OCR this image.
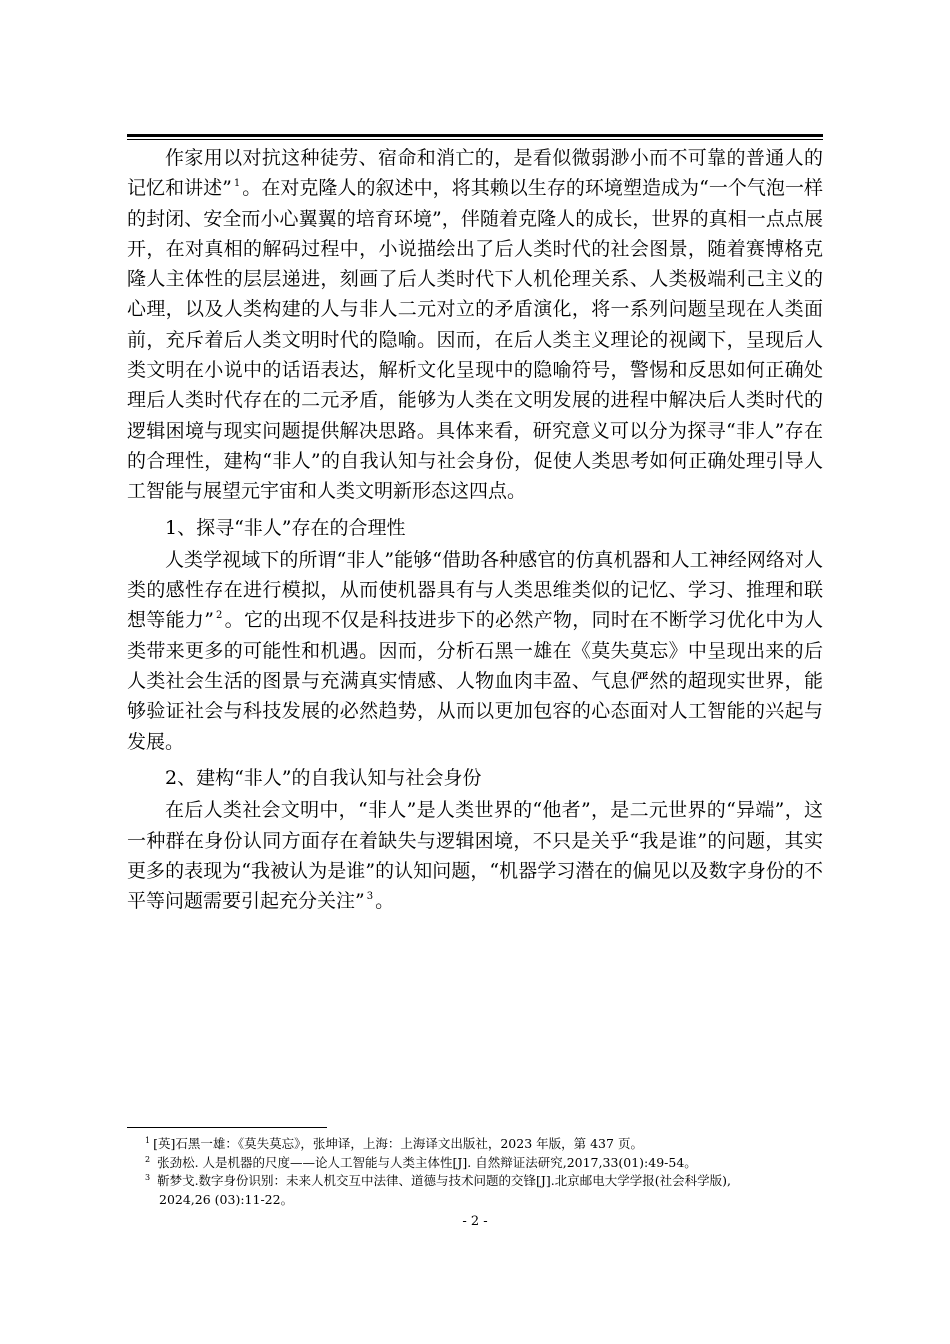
作家用以对抗这种徒劳、宿命和消亡的，是看似微弱渺小而不可靠的普通人的记忆和讲述” $^1$ 。在对克隆人的叙述中，将其赖以生存的环境塑造成为“一个气泡一样的封闭、安全而小心翼翼的培育环境”，伴随着克隆人的成长，世界的真相一点点展开，在对真相的解码过程中，小说描绘出了后人类时代的社会图景，随着赛博格克隆人主体性的层层递进，刻画了后人类时代下人机伦理关系、人类极端利己主义的心理，以及人类构建的人与非人二元对立的矛盾演化，将一系列问题呈现在人类面前，充斥着后人类文明时代的隐喻。因而，在后人类主义理论的视阈下，呈现后人类文明在小说中的话语表达，解析文化呈现中的隐喻符号，警惕和反思如何正确处理后人类时代存在的二元矛盾，能够为人类在文明发展的进程中解决后人类时代的逻辑困境与现实问题提供解决思路。具体来看，研究意义可以分为探寻“非人”存在的合理性，建构“非人”的自我认知与社会身份，促使人类思考如何正确处理引导人工智能与展望元宇宙和人类文明新形态这四点。

1、探寻“非人”存在的合理性

人类学视域下的所谓“非人”能够“借助各种感官的仿真机器和人工神经网络对人类的感性存在进行模拟，从而使机器具有与人类思维类似的记忆、学习、推理和联想等能力” $^2$ 。它的出现不仅是科技进步下的必然产物，同时在不断学习优化中为人类带来更多的可能性和机遇。因而，分析石黑一雄在《莫失莫忘》中呈现出来的后人类社会生活的图景与充满真实情感、人物血肉丰盈、气息俨然的超现实世界，能够验证社会与科技发展的必然趋势，从而以更加包容的心态面对人工智能的兴起与发展。

2、建构“非人”的自我认知与社会身份

在后人类社会文明中，“非人”是人类世界的“他者”，是二元世界的“异端”，这一种群在身份认同方面存在着缺失与逻辑困境，不只是关乎“我是谁”的问题，其实更多的表现为“我被认为是谁”的认知问题，“机器学习潜在的偏见以及数字身份的不平等问题需要引起充分关注” $^3$ 。

$^1$ [英]石黑一雄：《莫失莫忘》，张坤译，上海：上海译文出版社，2023 年版，第 437 页。

$^2$ 张劲松. 人是机器的尺度——论人工智能与人类主体性[J]. 自然辩证法研究,2017,33(01):49-54。

$^3$ 靳梦戈.数字身份识别：未来人机交互中法律、道德与技术问题的交锋[J].北京邮电大学学报(社会科学版),

2024,26 (03):11-22。

- 2 -
